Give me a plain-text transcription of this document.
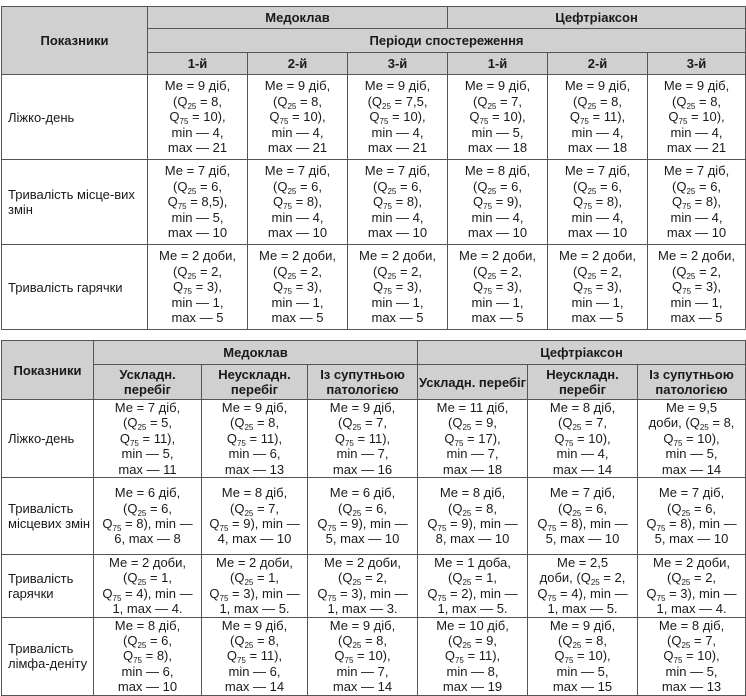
Показники	Медоклав			Цефтріаксон		
	Періоди спостереження					
	1-й	2-й	3-й	1-й	2-й	3-й
Ліжко-день	Ме = 9 діб,
($Q_{25} = 8$,
$Q_{75} = 10$),
min — 4,
max — 21	Ме = 9 діб,
($Q_{25} = 8$,
$Q_{75} = 10$),
min — 4,
max — 21	Ме = 9 діб,
($Q_{25} = 7,5$,
$Q_{75} = 10$),
min — 4,
max — 21	Ме = 9 діб,
($Q_{25} = 7$,
$Q_{75} = 10$),
min — 5,
max — 18	Ме = 9 діб,
($Q_{25} = 8$,
$Q_{75} = 11$),
min — 4,
max — 18	Ме = 9 діб,
($Q_{25} = 8$,
$Q_{75} = 10$),
min — 4,
max — 21

Тривалість місце-вих змін	Ме = 7 діб,
($Q_{25} = 6$,
$Q_{75} = 8,5$),
min — 5,
max — 10	Ме = 7 діб,
($Q_{25} = 6$,
$Q_{75} = 8$),
min — 4,
max — 10	Ме = 7 діб,
($Q_{25} = 6$,
$Q_{75} = 8$),
min — 4,
max — 10	Ме = 8 діб,
($Q_{25} = 6$,
$Q_{75} = 9$),
min — 4,
max — 10	Ме = 7 діб,
($Q_{25} = 6$,
$Q_{75} = 8$),
min — 4,
max — 10	Ме = 7 діб,
($Q_{25} = 6$,
$Q_{75} = 8$),
min — 4,
max — 10

Тривалість гарячки	Ме = 2 доби,
($Q_{25} = 2$,
$Q_{75} = 3$),
min — 1,
max — 5	Ме = 2 доби,
($Q_{25} = 2$,
$Q_{75} = 3$),
min — 1,
max — 5	Ме = 2 доби,
($Q_{25} = 2$,
$Q_{75} = 3$),
min — 1,
max — 5	Ме = 2 доби,
($Q_{25} = 2$,
$Q_{75} = 3$),
min — 1,
max — 5	Ме = 2 доби,
($Q_{25} = 2$,
$Q_{75} = 3$),
min — 1,
max — 5	Ме = 2 доби,
($Q_{25} = 2$,
$Q_{75} = 3$),
min — 1,
max — 5
Показники	Медоклав			Цефтріаксон		
	Ускладн. перебіг	Неускладн. перебіг	Із супутньою патологією	Ускладн. перебіг	Неускладн. перебіг	Із супутньою патологією
Ліжко-день	Ме = 7 діб,
($Q_{25} = 5$,
$Q_{75} = 11$),
min — 5,
max — 11	Ме = 9 діб,
($Q_{25} = 8$,
$Q_{75} = 11$),
min — 6,
max — 13	Ме = 9 діб,
($Q_{25} = 7$,
$Q_{75} = 11$),
min — 7,
max — 16	Ме = 11 діб,
($Q_{25} = 9$,
$Q_{75} = 17$),
min — 7,
max — 18	Ме = 8 діб,
($Q_{25} = 7$,
$Q_{75} = 10$),
min — 4,
max — 14	Ме = 9,5
доби, ($Q_{25} = 8$,
$Q_{75} = 10$),
min — 5,
max — 14

Тривалість місцевих змін	Ме = 6 діб,
($Q_{25} = 6$,
$Q_{75} = 8$), min —
6, max — 8	Ме = 8 діб,
($Q_{25} = 7$,
$Q_{75} = 9$), min —
4, max — 10	Ме = 6 діб,
($Q_{25} = 6$,
$Q_{75} = 9$), min —
5, max — 10	Ме = 8 діб,
($Q_{25} = 8$,
$Q_{75} = 9$), min —
8, max — 10	Ме = 7 діб,
($Q_{25} = 6$,
$Q_{75} = 8$), min —
5, max — 10	Ме = 7 діб,
($Q_{25} = 6$,
$Q_{75} = 8$), min —
5, max — 10

Тривалість гарячки	Ме = 2 доби,
($Q_{25} = 1$,
$Q_{75} = 4$), min —
1, max — 4.	Ме = 2 доби,
($Q_{25} = 1$,
$Q_{75} = 3$), min —
1, max — 5.	Ме = 2 доби,
($Q_{25} = 2$,
$Q_{75} = 3$), min —
1, max — 3.	Ме = 1 доба,
($Q_{25} = 1$,
$Q_{75} = 2$), min —
1, max — 5.	Ме = 2,5
доби, ($Q_{25} = 2$,
$Q_{75} = 4$), min —
1, max — 5.	Ме = 2 доби,
($Q_{25} = 2$,
$Q_{75} = 3$), min —
1, max — 4.

Тривалість лімфа-деніту	Ме = 8 діб,
($Q_{25} = 6$,
$Q_{75} = 8$),
min — 6,
max — 10	Ме = 9 діб,
($Q_{25} = 8$,
$Q_{75} = 11$),
min — 6,
max — 14	Ме = 9 діб,
($Q_{25} = 8$,
$Q_{75} = 10$),
min — 7,
max — 14	Ме = 10 діб,
($Q_{25} = 9$,
$Q_{75} = 11$),
min — 8,
max — 19	Ме = 9 діб,
($Q_{25} = 8$,
$Q_{75} = 10$),
min — 5,
max — 15	Ме = 8 діб,
($Q_{25} = 7$,
$Q_{75} = 10$),
min — 5,
max — 13
